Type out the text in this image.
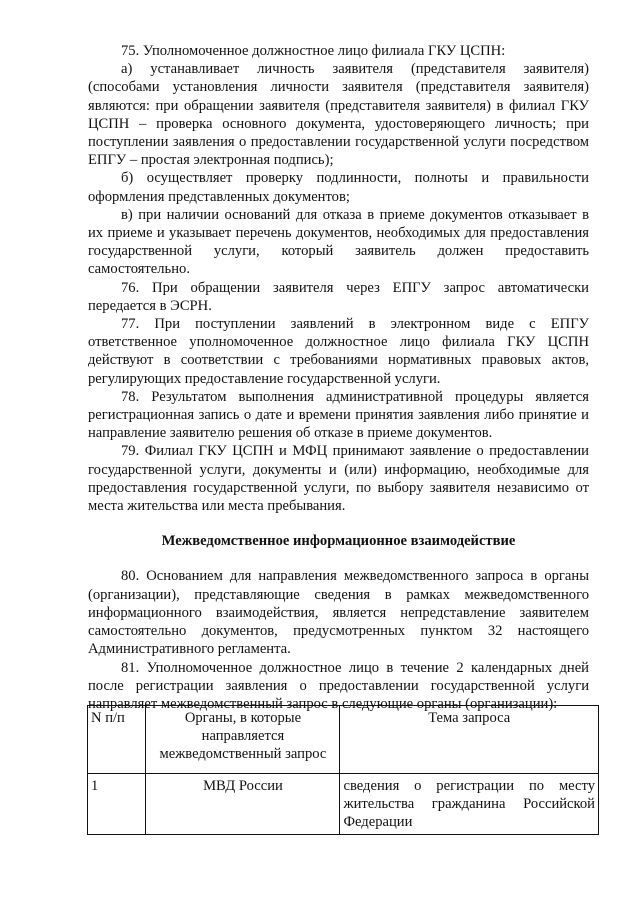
75. Уполномоченное должностное лицо филиала ГКУ ЦСПН:

а) устанавливает личность заявителя (представителя заявителя) (способами установления личности заявителя (представителя заявителя) являются: при обращении заявителя (представителя заявителя) в филиал ГКУ ЦСПН – проверка основного документа, удостоверяющего личность; при поступлении заявления о предоставлении государственной услуги посредством ЕПГУ – простая электронная подпись);

б) осуществляет проверку подлинности, полноты и правильности оформления представленных документов;

в) при наличии оснований для отказа в приеме документов отказывает в их приеме и указывает перечень документов, необходимых для предоставления государственной услуги, который заявитель должен предоставить самостоятельно.

76. При обращении заявителя через ЕПГУ запрос автоматически передается в ЭСРН.

77. При поступлении заявлений в электронном виде с ЕПГУ ответственное уполномоченное должностное лицо филиала ГКУ ЦСПН действуют в соответствии с требованиями нормативных правовых актов, регулирующих предоставление государственной услуги.

78. Результатом выполнения административной процедуры является регистрационная запись о дате и времени принятия заявления либо принятие и направление заявителю решения об отказе в приеме документов.

79. Филиал ГКУ ЦСПН и МФЦ принимают заявление о предоставлении государственной услуги, документы и (или) информацию, необходимые для предоставления государственной услуги, по выбору заявителя независимо от места жительства или места пребывания.

Межведомственное информационное взаимодействие

80. Основанием для направления межведомственного запроса в органы (организации), представляющие сведения в рамках межведомственного информационного взаимодействия, является непредставление заявителем самостоятельно документов, предусмотренных пунктом 32 настоящего Административного регламента.

81. Уполномоченное должностное лицо в течение 2 календарных дней после регистрации заявления о предоставлении государственной услуги направляет межведомственный запрос в следующие органы (организации):

N п/п	Органы, в которые направляется межведомственный запрос	Тема запроса
1	МВД России	сведения о регистрации по месту жительства гражданина Российской Федерации
